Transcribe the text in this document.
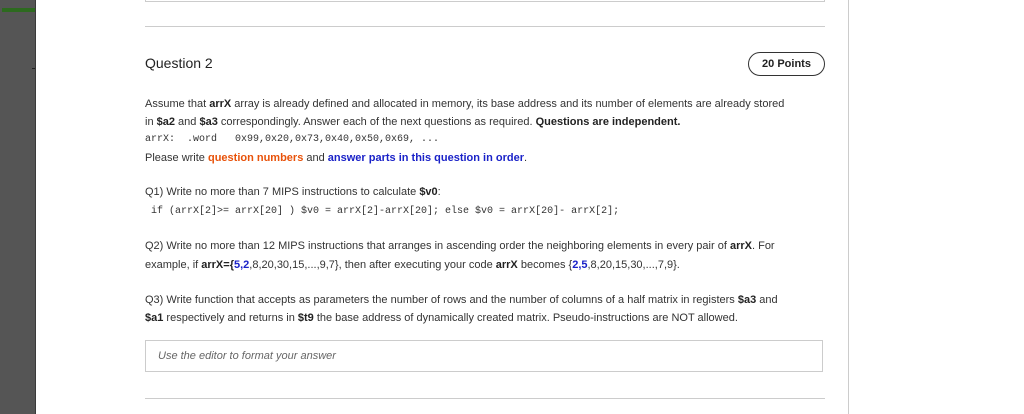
Question 2	20 Points
Assume that arrX array is already defined and allocated in memory, its base address and its number of elements are already stored
in $a2 and $a3 correspondingly. Answer each of the next questions as required. Questions are independent.
arrX:  .word   0x99,0x20,0x73,0x40,0x50,0x69, ...
Please write question numbers and answer parts in this question in order.
Q1) Write no more than 7 MIPS instructions to calculate $v0:
if (arrX[2]>= arrX[20] ) $v0 = arrX[2]-arrX[20]; else $v0 = arrX[20]- arrX[2];
Q2) Write no more than 12 MIPS instructions that arranges in ascending order the neighboring elements in every pair of arrX. For
example, if arrX={5,2,8,20,30,15,...,9,7}, then after executing your code arrX becomes {2,5,8,20,15,30,...,7,9}.
Q3) Write function that accepts as parameters the number of rows and the number of columns of a half matrix in registers $a3 and
$a1 respectively and returns in $t9 the base address of dynamically created matrix. Pseudo-instructions are NOT allowed.
Use the editor to format your answer
